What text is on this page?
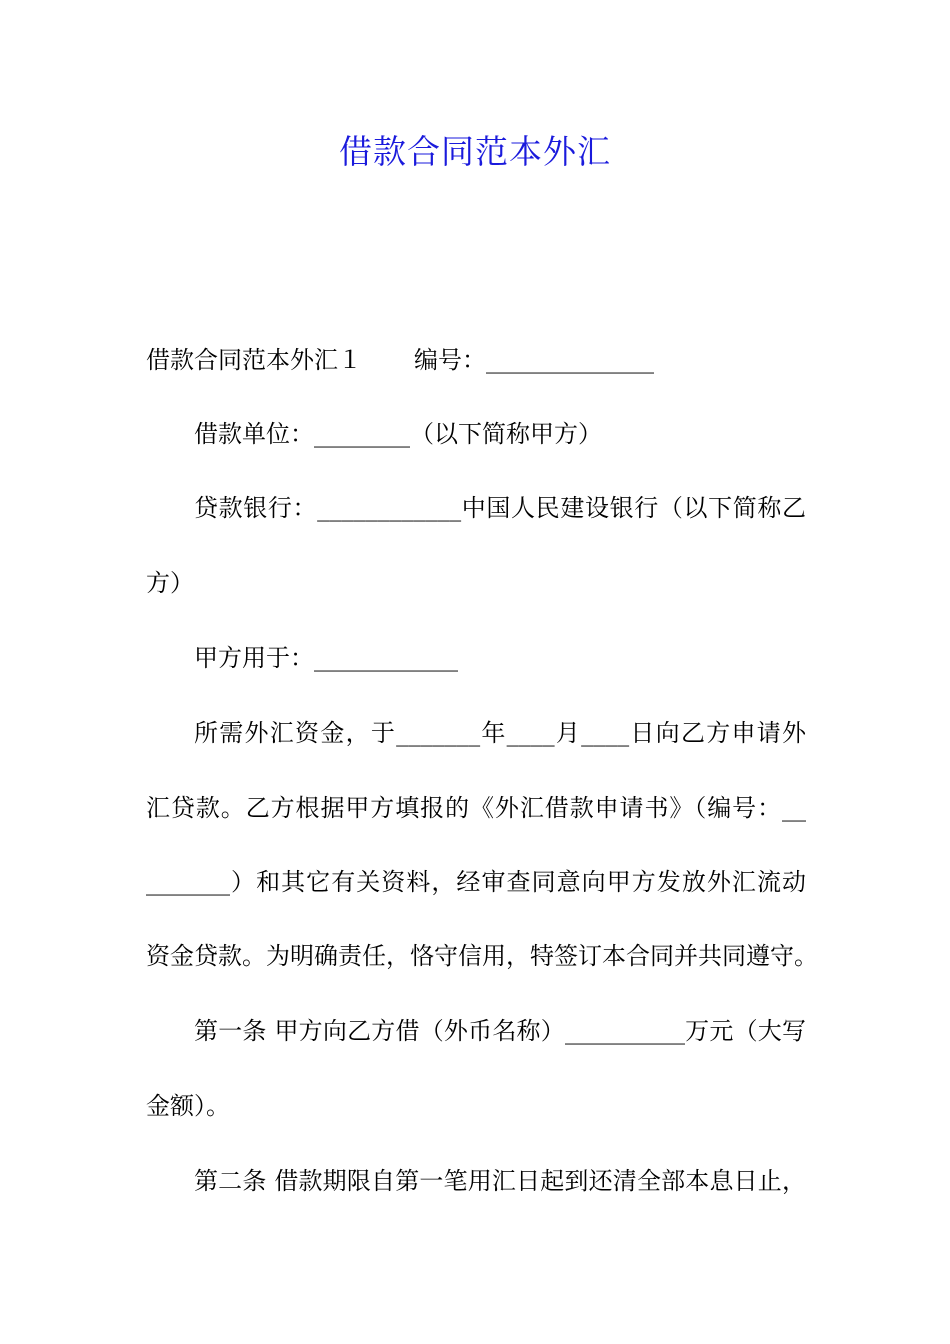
借款合同范本外汇
借款合同范本外汇１ 编号：______________
借款单位：________（以下简称甲方）
贷款银行：____________中国人民建设银行（以下简称乙
方）
甲方用于：____________
所需外汇资金，于_______年____月____日向乙方申请外
汇贷款。乙方根据甲方填报的《外汇借款申请书》（编号：__
_______）和其它有关资料，经审查同意向甲方发放外汇流动
资金贷款。为明确责任，恪守信用，特签订本合同并共同遵守。
第一条 甲方向乙方借（外币名称）__________万元（大写
金额）。
第二条 借款期限自第一笔用汇日起到还清全部本息日止，
